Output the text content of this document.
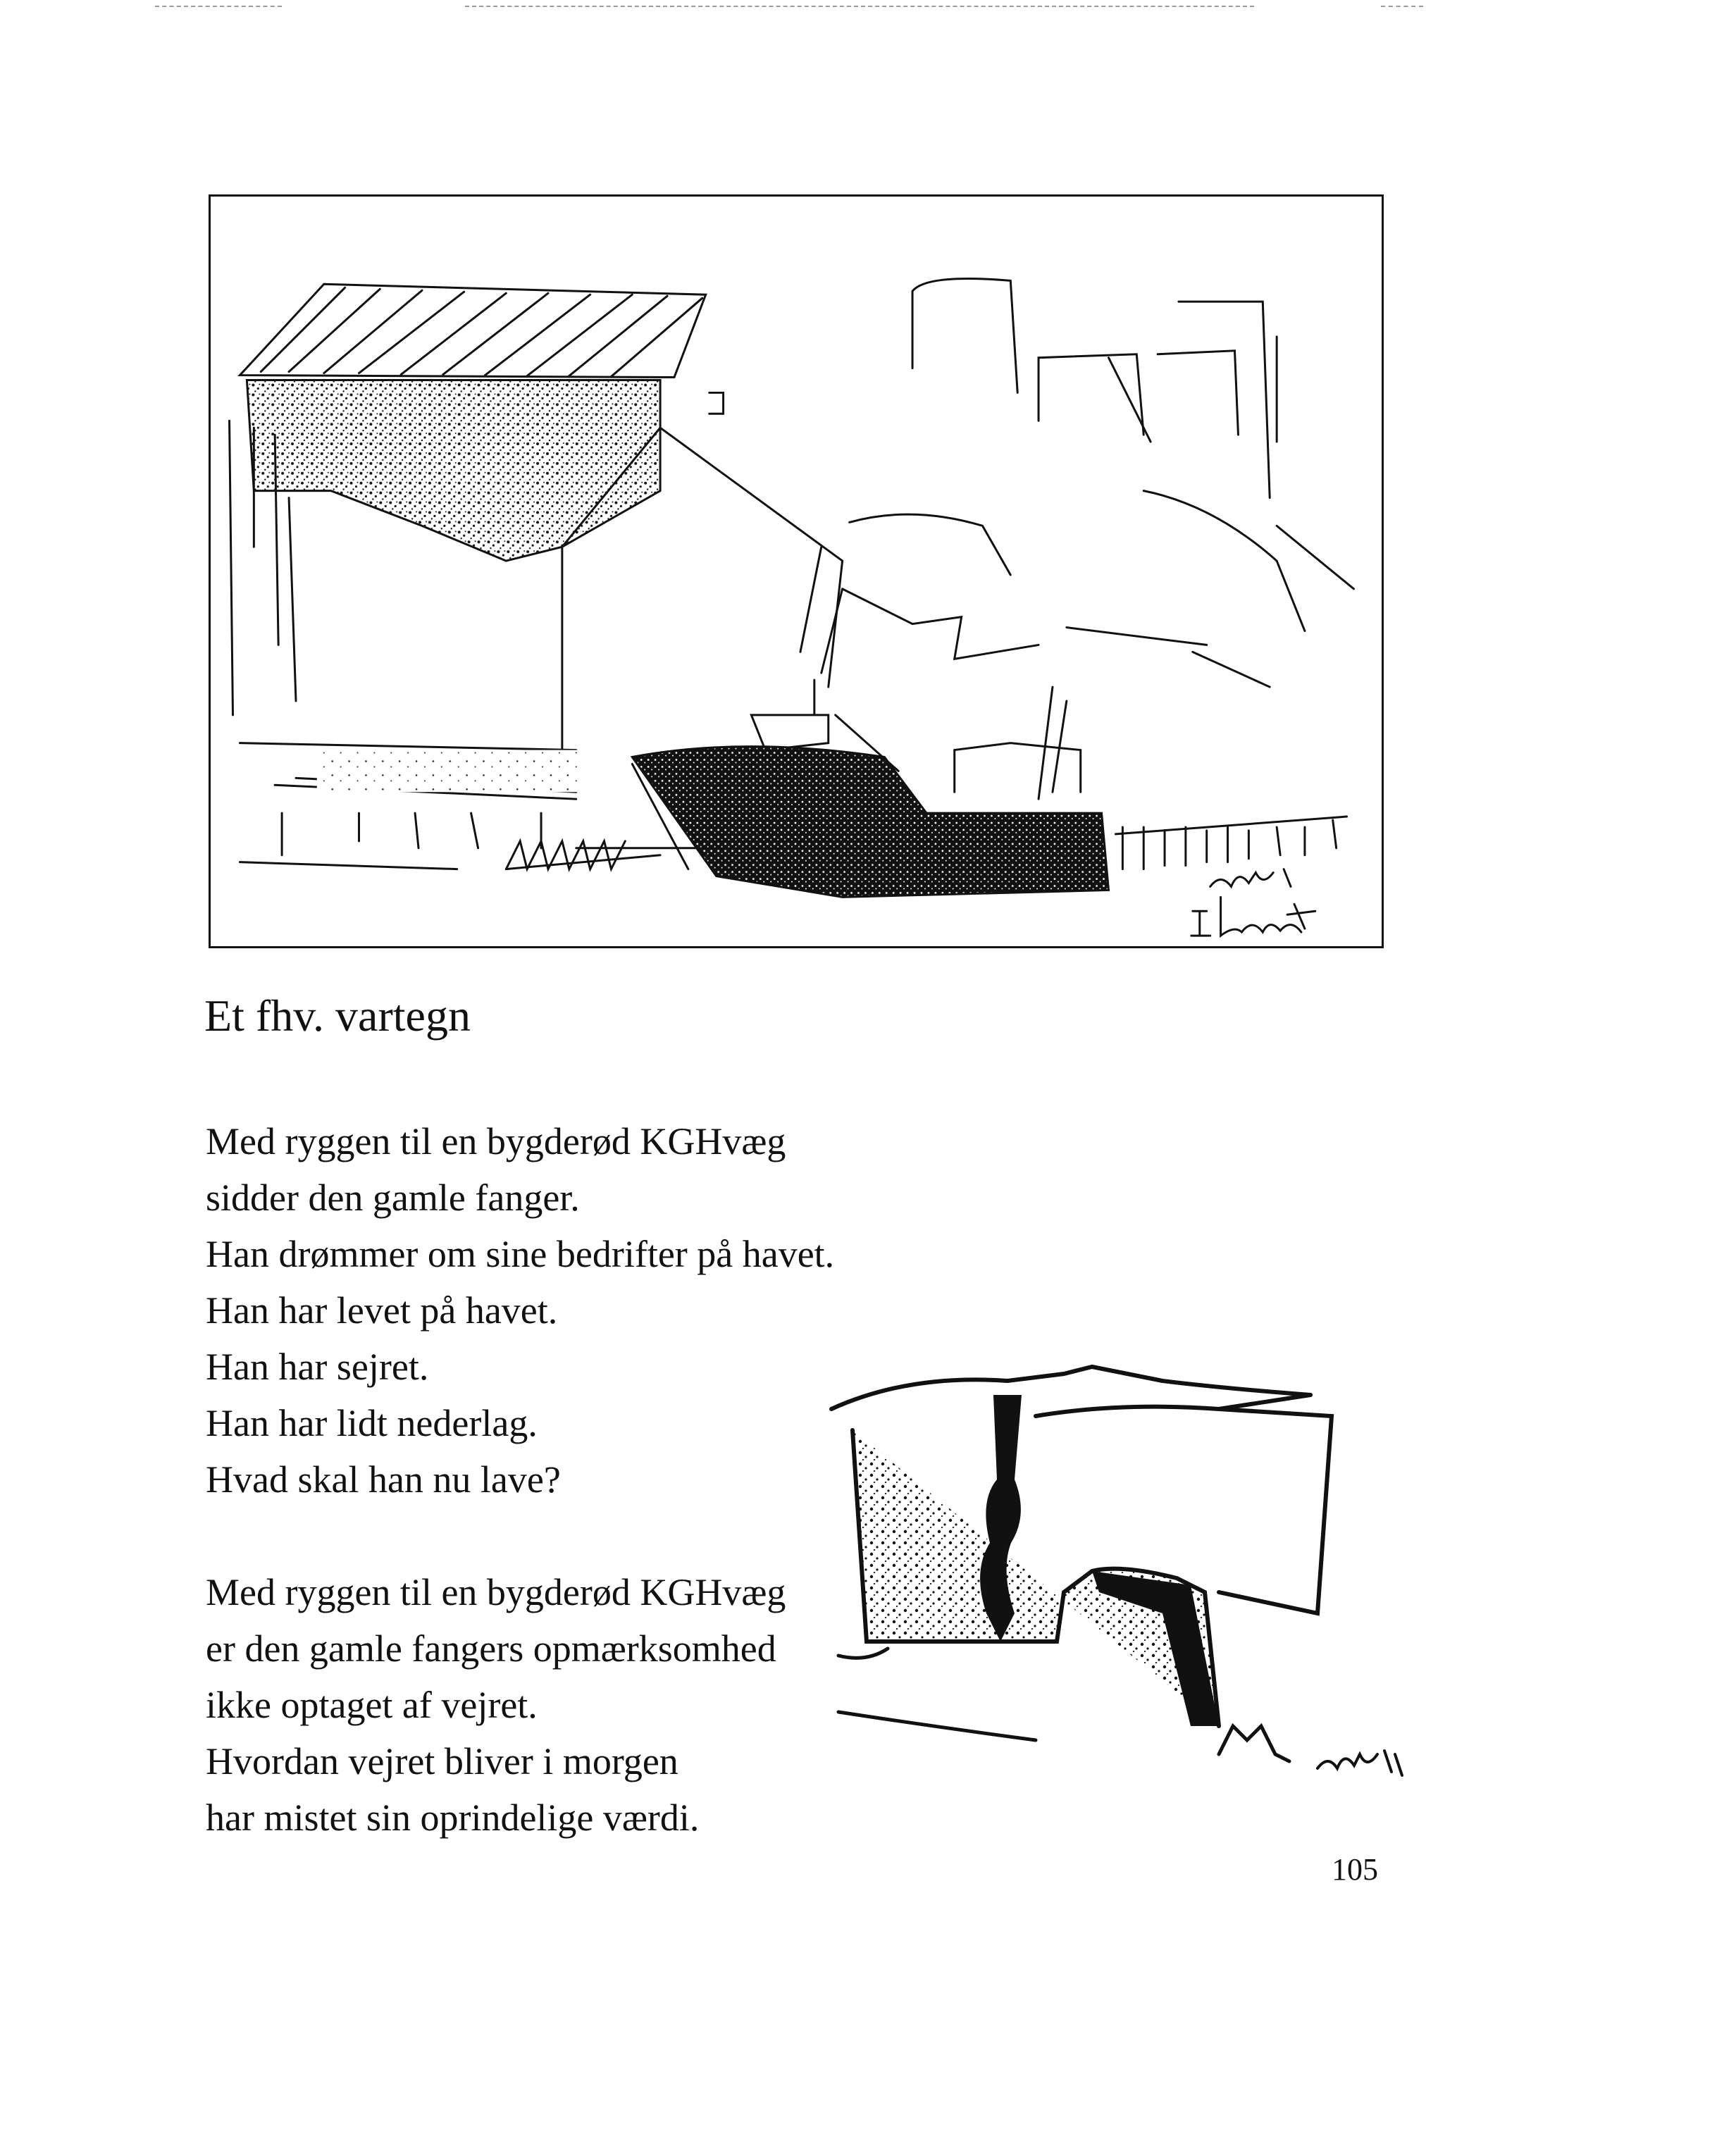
Et fhv. vartegn

Med ryggen til en bygderød KGHvæg
sidder den gamle fanger.
Han drømmer om sine bedrifter på havet.
Han har levet på havet.
Han har sejret.
Han har lidt nederlag.
Hvad skal han nu lave?

Med ryggen til en bygderød KGHvæg
er den gamle fangers opmærksomhed
ikke optaget af vejret.
Hvordan vejret bliver i morgen
har mistet sin oprindelige værdi.

105
